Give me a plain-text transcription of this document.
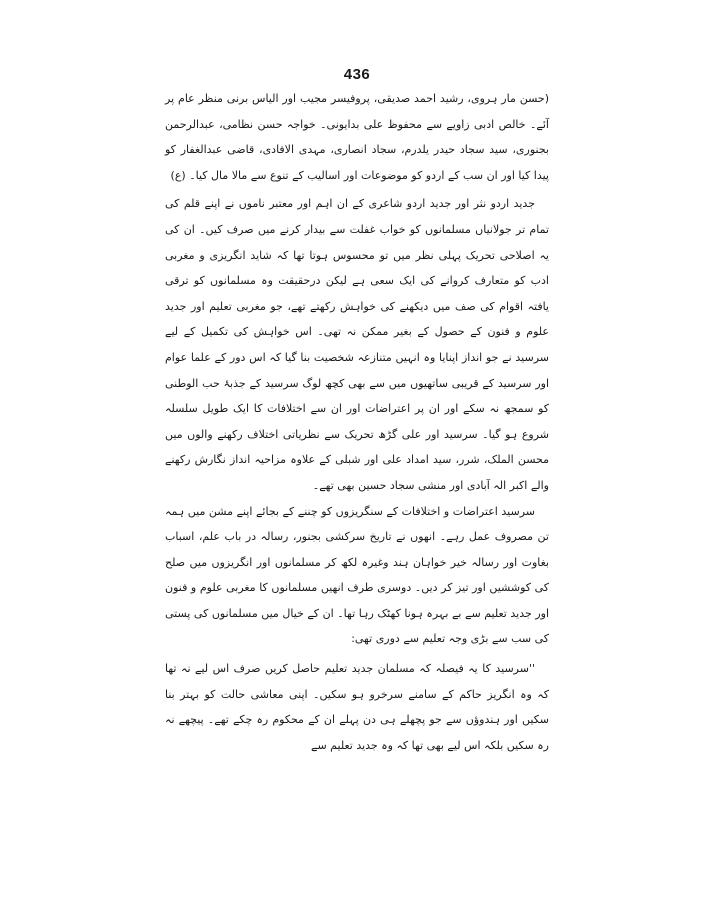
436

(حسن مار ہروی، رشید احمد صدیقی، پروفیسر مجیب اور الیاس برنی منظر عام پر آئے۔ خالص ادبی زاویے سے محفوظ علی بدایونی۔ خواجہ حسن نظامی، عبدالرحمن بجنوری، سید سجاد حیدر یلدرم، سجاد انصاری، مہدی الافادی، قاضی عبدالغفار کو پیدا کیا اور ان سب کے اردو کو موضوعات اور اسالیب کے تنوع سے مالا مال کیا۔ (ع)

جدید اردو نثر اور جدید اردو شاعری کے ان اہم اور معتبر ناموں نے اپنے قلم کی تمام تر جولانیاں مسلمانوں کو خواب غفلت سے بیدار کرنے میں صرف کیں۔ ان کی یہ اصلاحی تحریک پہلی نظر میں تو محسوس ہوتا تھا کہ شاید انگریزی و مغربی ادب کو متعارف کروانے کی ایک سعی ہے لیکن درحقیقت وہ مسلمانوں کو ترقی یافتہ اقوام کی صف میں دیکھنے کی خواہش رکھتے تھے، جو مغربی تعلیم اور جدید علوم و فنون کے حصول کے بغیر ممکن نہ تھی۔ اس خواہش کی تکمیل کے لیے سرسید نے جو انداز اپنایا وہ انہیں متنازعہ شخصیت بنا گیا کہ اس دور کے علما عوام اور سرسید کے قریبی ساتھیوں میں سے بھی کچھ لوگ سرسید کے جذبۂ حب الوطنی کو سمجھ نہ سکے اور ان پر اعتراضات اور ان سے اختلافات کا ایک طویل سلسلہ شروع ہو گیا۔ سرسید اور علی گڑھ تحریک سے نظریاتی اختلاف رکھنے والوں میں محسن الملک، شرر، سید امداد علی اور شبلی کے علاوہ مزاحیہ انداز نگارش رکھنے والے اکبر الہ آبادی اور منشی سجاد حسین بھی تھے۔

سرسید اعتراضات و اختلافات کے سنگریزوں کو چننے کے بجائے اپنے مشن میں ہمہ تن مصروف عمل رہے۔ انھوں نے تاریخ سرکشی بجنور، رسالہ در باب علم، اسباب بغاوت اور رسالہ خیر خواہان ہند وغیرہ لکھ کر مسلمانوں اور انگریزوں میں صلح کی کوششیں اور تیز کر دیں۔ دوسری طرف انھیں مسلمانوں کا مغربی علوم و فنون اور جدید تعلیم سے بے بہرہ ہونا کھٹک رہا تھا۔ ان کے خیال میں مسلمانوں کی پستی کی سب سے بڑی وجہ تعلیم سے دوری تھی:

''سرسید کا یہ فیصلہ کہ مسلمان جدید تعلیم حاصل کریں صرف اس لیے نہ تھا کہ وہ انگریز حاکم کے سامنے سرخرو ہو سکیں۔ اپنی معاشی حالت کو بہتر بنا سکیں اور ہندوؤں سے جو پچھلے ہی دن پہلے ان کے محکوم رہ چکے تھے۔ پیچھے نہ رہ سکیں بلکہ اس لیے بھی تھا کہ وہ جدید تعلیم سے
